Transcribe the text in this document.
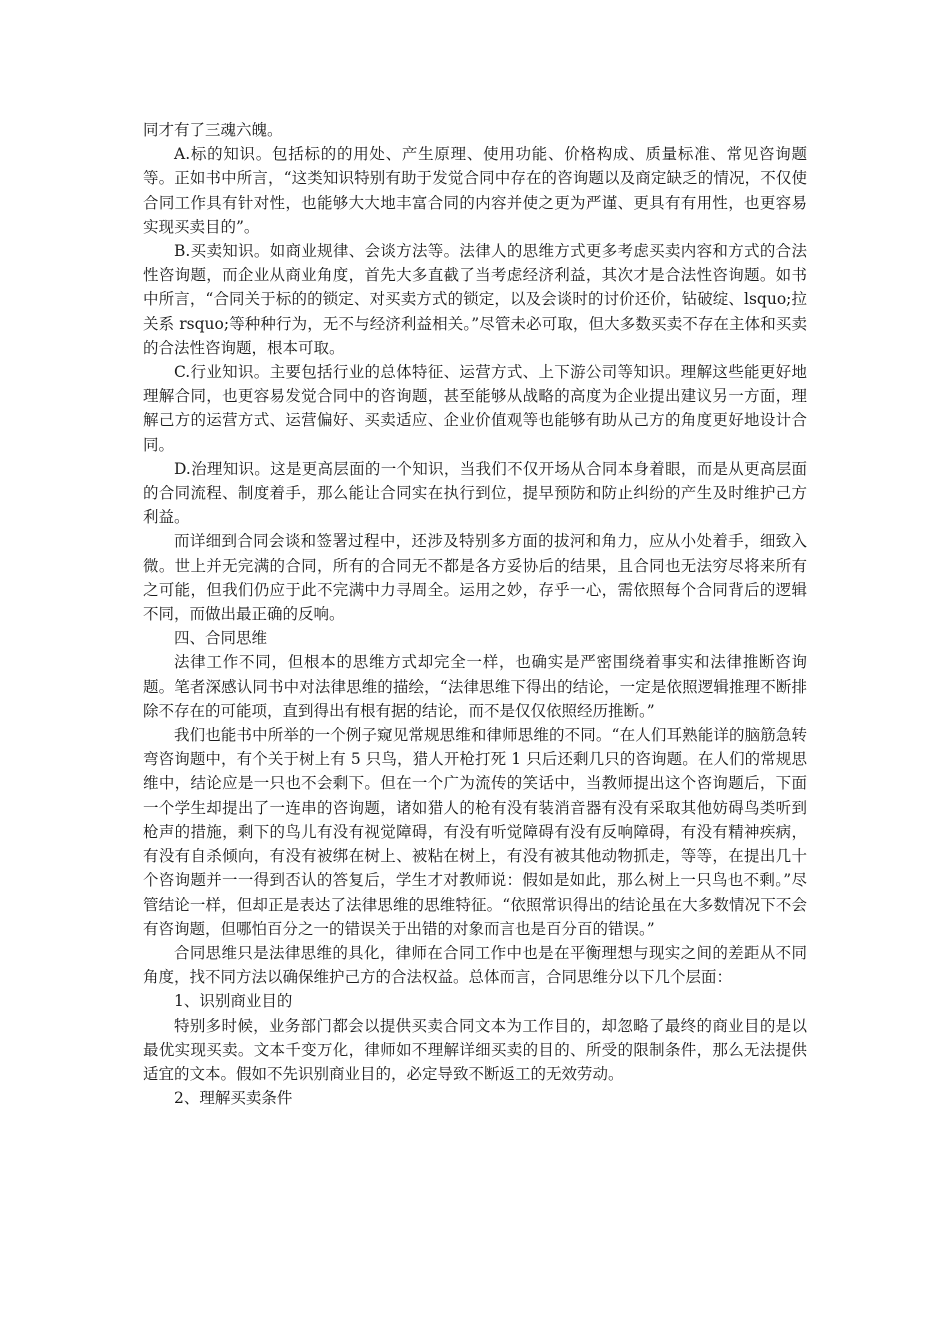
同才有了三魂六魄。

A.标的知识。包括标的的用处、产生原理、使用功能、价格构成、质量标准、常见咨询题等。正如书中所言，“这类知识特别有助于发觉合同中存在的咨询题以及商定缺乏的情况，不仅使合同工作具有针对性，也能够大大地丰富合同的内容并使之更为严谨、更具有有用性，也更容易实现买卖目的”。

B.买卖知识。如商业规律、会谈方法等。法律人的思维方式更多考虑买卖内容和方式的合法性咨询题，而企业从商业角度，首先大多直截了当考虑经济利益，其次才是合法性咨询题。如书中所言，“合同关于标的的锁定、对买卖方式的锁定，以及会谈时的讨价还价，钻破绽、lsquo;拉关系 rsquo;等种种行为，无不与经济利益相关。”尽管未必可取，但大多数买卖不存在主体和买卖的合法性咨询题，根本可取。

C.行业知识。主要包括行业的总体特征、运营方式、上下游公司等知识。理解这些能更好地理解合同，也更容易发觉合同中的咨询题，甚至能够从战略的高度为企业提出建议另一方面，理解己方的运营方式、运营偏好、买卖适应、企业价值观等也能够有助从己方的角度更好地设计合同。

D.治理知识。这是更高层面的一个知识，当我们不仅开场从合同本身着眼，而是从更高层面的合同流程、制度着手，那么能让合同实在执行到位，提早预防和防止纠纷的产生及时维护己方利益。

而详细到合同会谈和签署过程中，还涉及特别多方面的拔河和角力，应从小处着手，细致入微。世上并无完满的合同，所有的合同无不都是各方妥协后的结果，且合同也无法穷尽将来所有之可能，但我们仍应于此不完满中力寻周全。运用之妙，存乎一心，需依照每个合同背后的逻辑不同，而做出最正确的反响。

四、合同思维

法律工作不同，但根本的思维方式却完全一样，也确实是严密围绕着事实和法律推断咨询题。笔者深感认同书中对法律思维的描绘，“法律思维下得出的结论，一定是依照逻辑推理不断排除不存在的可能项，直到得出有根有据的结论，而不是仅仅依照经历推断。”

我们也能书中所举的一个例子窥见常规思维和律师思维的不同。“在人们耳熟能详的脑筋急转弯咨询题中，有个关于树上有 5 只鸟，猎人开枪打死 1 只后还剩几只的咨询题。在人们的常规思维中，结论应是一只也不会剩下。但在一个广为流传的笑话中，当教师提出这个咨询题后，下面一个学生却提出了一连串的咨询题，诸如猎人的枪有没有装消音器有没有采取其他妨碍鸟类听到枪声的措施，剩下的鸟儿有没有视觉障碍，有没有听觉障碍有没有反响障碍，有没有精神疾病，有没有自杀倾向，有没有被绑在树上、被粘在树上，有没有被其他动物抓走，等等，在提出几十个咨询题并一一得到否认的答复后，学生才对教师说：假如是如此，那么树上一只鸟也不剩。”尽管结论一样，但却正是表达了法律思维的思维特征。“依照常识得出的结论虽在大多数情况下不会有咨询题，但哪怕百分之一的错误关于出错的对象而言也是百分百的错误。”

合同思维只是法律思维的具化，律师在合同工作中也是在平衡理想与现实之间的差距从不同角度，找不同方法以确保维护己方的合法权益。总体而言，合同思维分以下几个层面：

1、识别商业目的

特别多时候，业务部门都会以提供买卖合同文本为工作目的，却忽略了最终的商业目的是以最优实现买卖。文本千变万化，律师如不理解详细买卖的目的、所受的限制条件，那么无法提供适宜的文本。假如不先识别商业目的，必定导致不断返工的无效劳动。

2、理解买卖条件
